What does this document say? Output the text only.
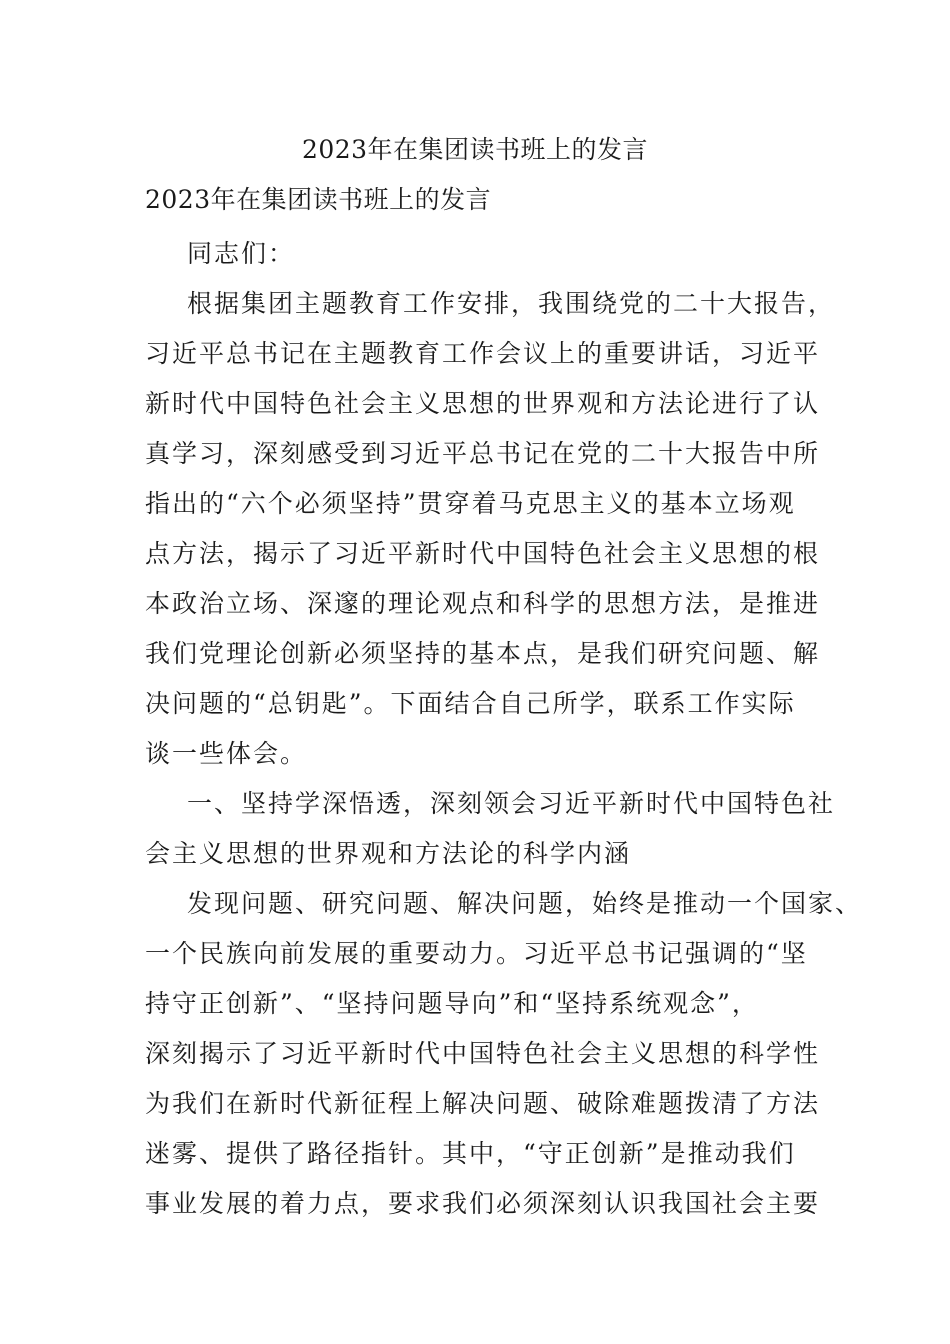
2023年在集团读书班上的发言
2023年在集团读书班上的发言
同志们：
根据集团主题教育工作安排，我围绕党的二十大报告，
习近平总书记在主题教育工作会议上的重要讲话，习近平
新时代中国特色社会主义思想的世界观和方法论进行了认
真学习，深刻感受到习近平总书记在党的二十大报告中所
指出的“六个必须坚持”贯穿着马克思主义的基本立场观
点方法，揭示了习近平新时代中国特色社会主义思想的根
本政治立场、深邃的理论观点和科学的思想方法，是推进
我们党理论创新必须坚持的基本点，是我们研究问题、解
决问题的“总钥匙”。下面结合自己所学，联系工作实际
谈一些体会。
一、坚持学深悟透，深刻领会习近平新时代中国特色社
会主义思想的世界观和方法论的科学内涵
发现问题、研究问题、解决问题，始终是推动一个国家、
一个民族向前发展的重要动力。习近平总书记强调的“坚
持守正创新”、“坚持问题导向”和“坚持系统观念”，
深刻揭示了习近平新时代中国特色社会主义思想的科学性
为我们在新时代新征程上解决问题、破除难题拨清了方法
迷雾、提供了路径指针。其中，“守正创新”是推动我们
事业发展的着力点，要求我们必须深刻认识我国社会主要
